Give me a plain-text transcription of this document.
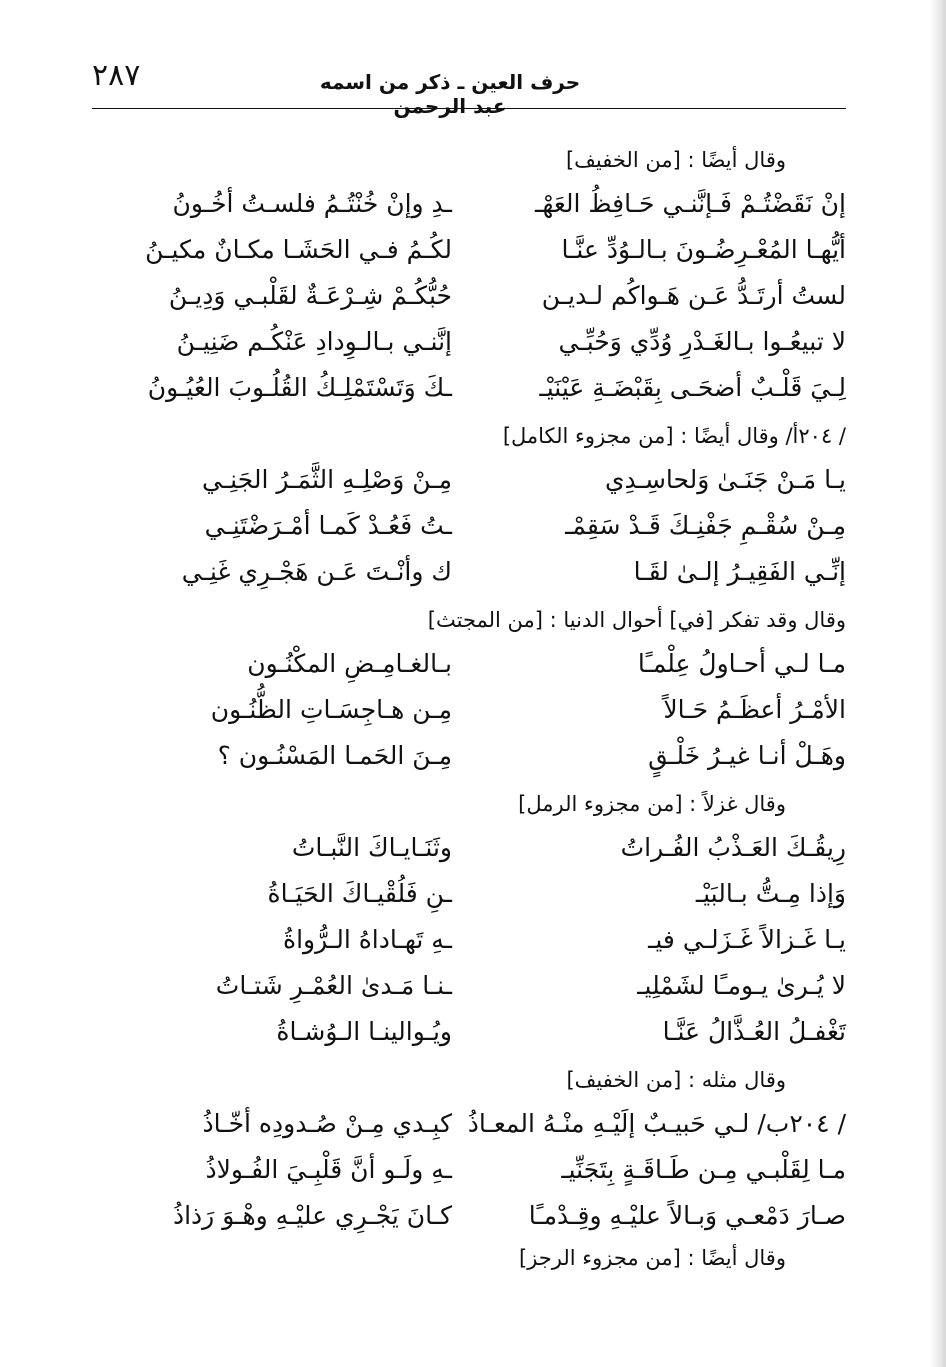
٢٨٧	حرف العين ـ ذكر من اسمه عبد الرحمن
وقال أيضًا : [من الخفيف]
إنْ نَقَضْتُـمْ فَـإنَّنـي حَـافِظُ العَهْـ
ـدِ وإنْ خُنْتُـمُ فلسـتُ أخُـونُ
أيُّهـا المُعْـرِضُـونَ بـالـوُدِّ عنَّـا
لكُـمُ فـي الحَشَـا مكـانٌ مكيـنُ
لستُ أرتَـدُّ عَـن هَـواكُم لـديـن
حُبُّكُـمْ شِـرْعَـةٌ لقَلْبـي وَدِيـنُ
لا تبيعُـوا بـالغَـدْرِ وُدِّي وَحُبِّـي
إنَّنـي بـالـوِدادِ عَنْكُـم ضَنِيـنُ
لِـيَ قَلْـبٌ أضحَـى بِقَبْضَـةِ عَيْنَيْـ
ـكَ وَتَسْتَمْلِـكُ القُلُـوبَ العُيُـونُ
/ ٢٠٤أ/ وقال أيضًا : [من مجزوء الكامل]
يـا مَـنْ جَنَـىٰ وَلحاسِـدِي
مِـنْ وَصْلِـهِ الثَّمَـرُ الجَنِـي
مِـنْ سُقْـمِ جَفْنِـكَ قَـدْ سَقِمْـ
ـتُ فَعُـدْ كَمـا أمْـرَضْتَنِـي
إنِّـي الفَقِيـرُ إلـىٰ لقَـا
ك وأنْـتَ عَـن هَجْـرِي غَنِـي
وقال وقد تفكر [في] أحوال الدنيا : [من المجتث]
مـا لـي أحـاولُ عِلْمـًا
بـالغـامِـضِ المكْنُـون
الأمْـرُ أعظَـمُ حَـالاً
مِـن هـاجِسَـاتِ الظُّنُـون
وهَـلْ أنـا غيـرُ خَلْـقٍ
مِـنَ الحَمـا المَسْنُـون ؟
وقال غزلاً : [من مجزوء الرمل]
رِيقُـكَ العَـذْبُ الفُـراتُ
وثَنَـايـاكَ النَّبـاتُ
وَإذا مِـتُّ بـالبَيْـ
ـنِ فَلُقْيـاكَ الحَيَـاةُ
يـا غَـزالاً غَـزَلـي فيـ
ـهِ تَهـاداهُ الـرُّواةُ
لا يُـرىٰ يـومـًا لشَمْلِيـ
ـنـا مَـدىٰ العُمْـرِ شَتـاتُ
تَغْفـلُ العُـذَّالُ عَنَّـا
ويُـوالينـا الـوُشـاةُ
وقال مثله : [من الخفيف]
/ ٢٠٤ب/ لـي حَبيـبٌ إلَيْـهِ منْـهُ المعـاذُ
كبِـدي مِـنْ صُـدودِه أخّـاذُ
مـا لِقَلْبـي مِـن طَـاقَـةٍ بِتَجَنِّيـ
ـهِ ولَـو أنَّ قَلْبِـيَ الفُـولاذُ
صـارَ دَمْعـي وَبـالاً عليْـهِ وقِـدْمـًا
كـانَ يَجْـرِي عليْـهِ وهْـوَ رَذاذُ
وقال أيضًا : [من مجزوء الرجز]
